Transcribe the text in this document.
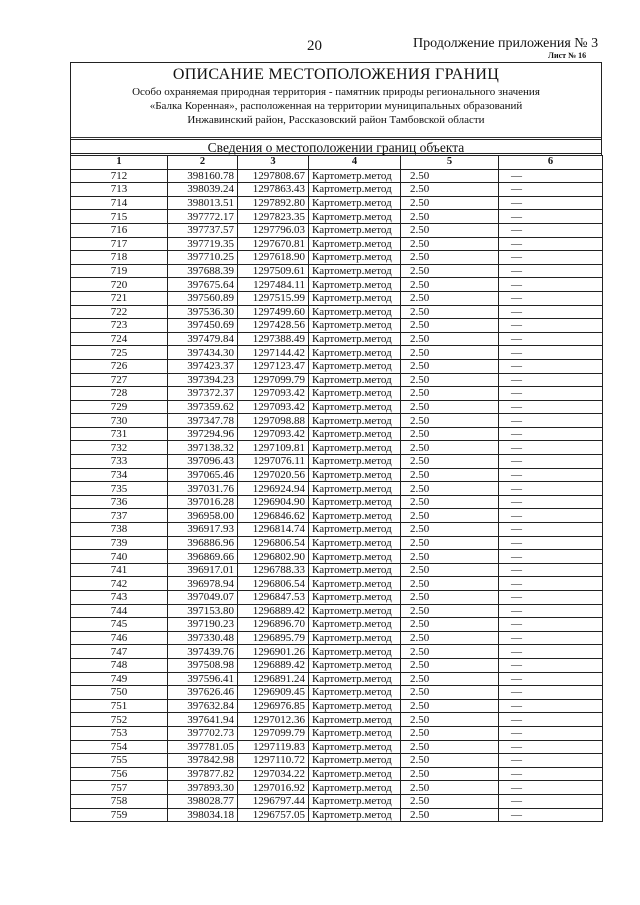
20	Продолжение приложения № 3
Лист № 16
ОПИСАНИЕ МЕСТОПОЛОЖЕНИЯ ГРАНИЦ
Особо охраняемая природная территория - памятник природы регионального значения
«Балка Коренная», расположенная на территории муниципальных образований
Инжавинский район, Рассказовский район Тамбовской области
Сведения о местоположении границ объекта
1	2	3	4	5	6
712	398160.78	1297808.67	Картометр.метод	2.50	—
713	398039.24	1297863.43	Картометр.метод	2.50	—
714	398013.51	1297892.80	Картометр.метод	2.50	—
715	397772.17	1297823.35	Картометр.метод	2.50	—
716	397737.57	1297796.03	Картометр.метод	2.50	—
717	397719.35	1297670.81	Картометр.метод	2.50	—
718	397710.25	1297618.90	Картометр.метод	2.50	—
719	397688.39	1297509.61	Картометр.метод	2.50	—
720	397675.64	1297484.11	Картометр.метод	2.50	—
721	397560.89	1297515.99	Картометр.метод	2.50	—
722	397536.30	1297499.60	Картометр.метод	2.50	—
723	397450.69	1297428.56	Картометр.метод	2.50	—
724	397479.84	1297388.49	Картометр.метод	2.50	—
725	397434.30	1297144.42	Картометр.метод	2.50	—
726	397423.37	1297123.47	Картометр.метод	2.50	—
727	397394.23	1297099.79	Картометр.метод	2.50	—
728	397372.37	1297093.42	Картометр.метод	2.50	—
729	397359.62	1297093.42	Картометр.метод	2.50	—
730	397347.78	1297098.88	Картометр.метод	2.50	—
731	397294.96	1297093.42	Картометр.метод	2.50	—
732	397138.32	1297109.81	Картометр.метод	2.50	—
733	397096.43	1297076.11	Картометр.метод	2.50	—
734	397065.46	1297020.56	Картометр.метод	2.50	—
735	397031.76	1296924.94	Картометр.метод	2.50	—
736	397016.28	1296904.90	Картометр.метод	2.50	—
737	396958.00	1296846.62	Картометр.метод	2.50	—
738	396917.93	1296814.74	Картометр.метод	2.50	—
739	396886.96	1296806.54	Картометр.метод	2.50	—
740	396869.66	1296802.90	Картометр.метод	2.50	—
741	396917.01	1296788.33	Картометр.метод	2.50	—
742	396978.94	1296806.54	Картометр.метод	2.50	—
743	397049.07	1296847.53	Картометр.метод	2.50	—
744	397153.80	1296889.42	Картометр.метод	2.50	—
745	397190.23	1296896.70	Картометр.метод	2.50	—
746	397330.48	1296895.79	Картометр.метод	2.50	—
747	397439.76	1296901.26	Картометр.метод	2.50	—
748	397508.98	1296889.42	Картометр.метод	2.50	—
749	397596.41	1296891.24	Картометр.метод	2.50	—
750	397626.46	1296909.45	Картометр.метод	2.50	—
751	397632.84	1296976.85	Картометр.метод	2.50	—
752	397641.94	1297012.36	Картометр.метод	2.50	—
753	397702.73	1297099.79	Картометр.метод	2.50	—
754	397781.05	1297119.83	Картометр.метод	2.50	—
755	397842.98	1297110.72	Картометр.метод	2.50	—
756	397877.82	1297034.22	Картометр.метод	2.50	—
757	397893.30	1297016.92	Картометр.метод	2.50	—
758	398028.77	1296797.44	Картометр.метод	2.50	—
759	398034.18	1296757.05	Картометр.метод	2.50	—
